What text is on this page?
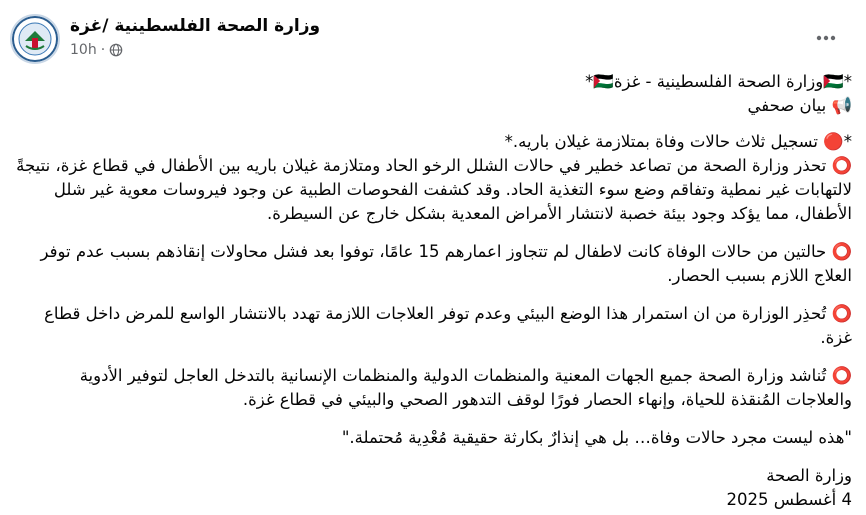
وزارة الصحة الفلسطينية /غزة
10h ·

*🇵🇸وزارة الصحة الفلسطينية - غزة🇵🇸*

📢 بيان صحفي

*🔴 تسجيل ثلاث حالات وفاة بمتلازمة غيلان باريه.*

⭕ تحذر وزارة الصحة من تصاعد خطير في حالات الشلل الرخو الحاد ومتلازمة غيلان باريه بين الأطفال في قطاع غزة، نتيجةً لالتهابات غير نمطية وتفاقم وضع سوء التغذية الحاد. وقد كشفت الفحوصات الطبية عن وجود فيروسات معوية غير شلل الأطفال، مما يؤكد وجود بيئة خصبة لانتشار الأمراض المعدية بشكل خارج عن السيطرة.

⭕ حالتين من حالات الوفاة كانت لاطفال لم تتجاوز اعمارهم 15 عامًا، توفوا بعد فشل محاولات إنقاذهم بسبب عدم توفر العلاج اللازم بسبب الحصار.

⭕ تُحذِر الوزارة من ان استمرار هذا الوضع البيئي وعدم توفر العلاجات اللازمة تهدد بالانتشار الواسع للمرض داخل قطاع غزة.

⭕ تُناشد وزارة الصحة جميع الجهات المعنية والمنظمات الدولية والمنظمات الإنسانية بالتدخل العاجل لتوفير الأدوية والعلاجات المُنقذة للحياة، وإنهاء الحصار فورًا لوقف التدهور الصحي والبيئي في قطاع غزة.

"هذه ليست مجرد حالات وفاة… بل هي إنذارٌ بكارثة حقيقية مُعْدِية مُحتملة."

وزارة الصحة

4 أغسطس 2025
